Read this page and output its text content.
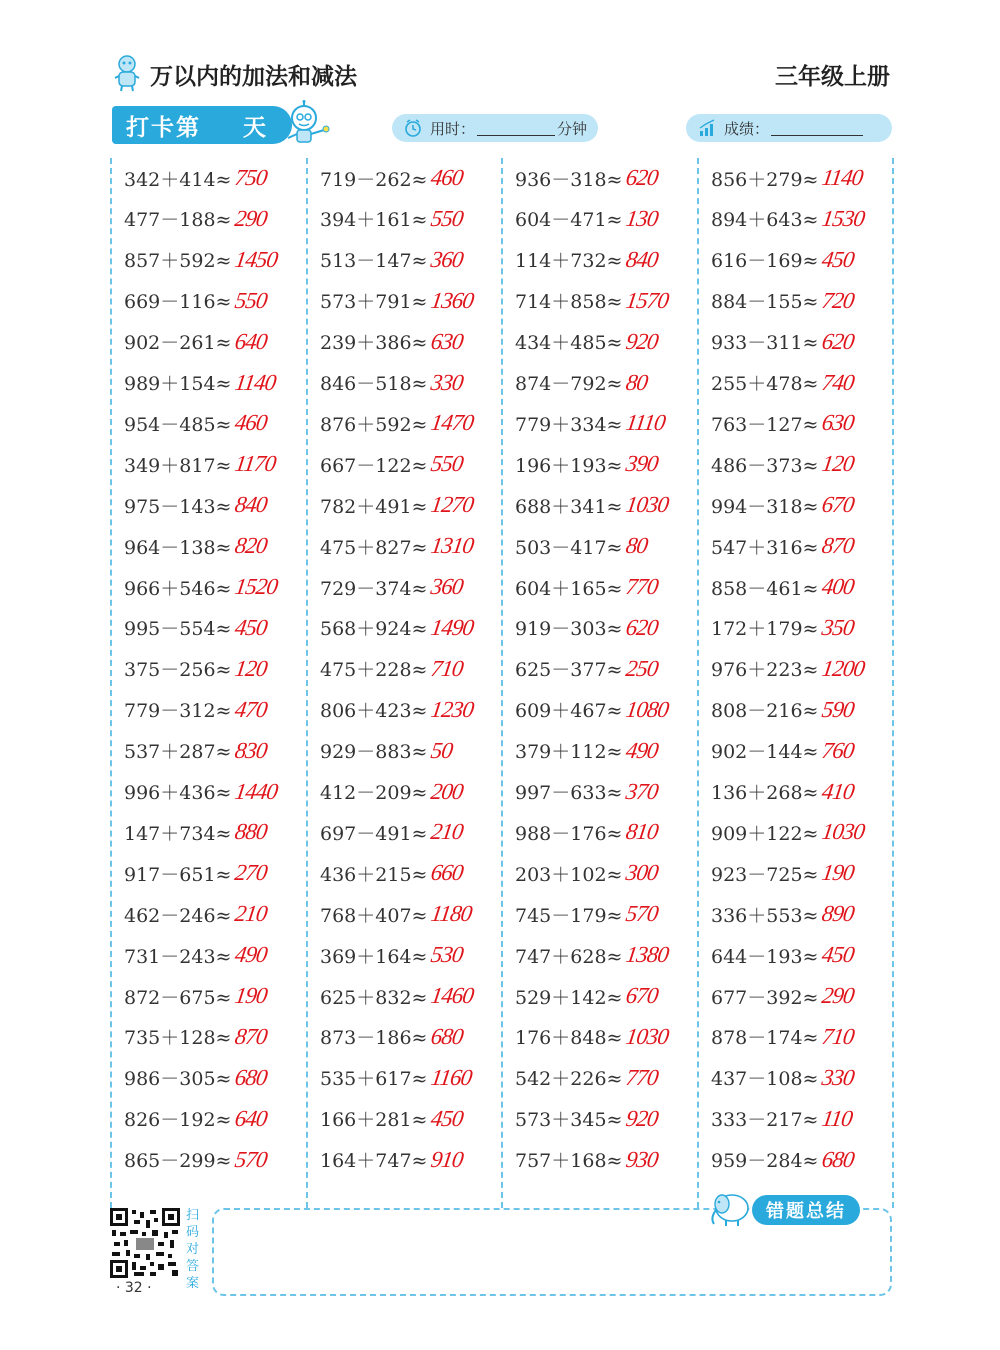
万以内的加法和减法	三年级上册
打卡第 天	用时：	分钟	成绩：
342＋414≈ 750
477－188≈ 290
857＋592≈ 1450
669－116≈ 550
902－261≈ 640
989＋154≈ 1140
954－485≈ 460
349＋817≈ 1170
975－143≈ 840
964－138≈ 820
966＋546≈ 1520
995－554≈ 450
375－256≈ 120
779－312≈ 470
537＋287≈ 830
996＋436≈ 1440
147＋734≈ 880
917－651≈ 270
462－246≈ 210
731－243≈ 490
872－675≈ 190
735＋128≈ 870
986－305≈ 680
826－192≈ 640
865－299≈ 570
719－262≈ 460
394＋161≈ 550
513－147≈ 360
573＋791≈ 1360
239＋386≈ 630
846－518≈ 330
876＋592≈ 1470
667－122≈ 550
782＋491≈ 1270
475＋827≈ 1310
729－374≈ 360
568＋924≈ 1490
475＋228≈ 710
806＋423≈ 1230
929－883≈ 50
412－209≈ 200
697－491≈ 210
436＋215≈ 660
768＋407≈ 1180
369＋164≈ 530
625＋832≈ 1460
873－186≈ 680
535＋617≈ 1160
166＋281≈ 450
164＋747≈ 910
936－318≈ 620
604－471≈ 130
114＋732≈ 840
714＋858≈ 1570
434＋485≈ 920
874－792≈ 80
779＋334≈ 1110
196＋193≈ 390
688＋341≈ 1030
503－417≈ 80
604＋165≈ 770
919－303≈ 620
625－377≈ 250
609＋467≈ 1080
379＋112≈ 490
997－633≈ 370
988－176≈ 810
203＋102≈ 300
745－179≈ 570
747＋628≈ 1380
529＋142≈ 670
176＋848≈ 1030
542＋226≈ 770
573＋345≈ 920
757＋168≈ 930
856＋279≈ 1140
894＋643≈ 1530
616－169≈ 450
884－155≈ 720
933－311≈ 620
255＋478≈ 740
763－127≈ 630
486－373≈ 120
994－318≈ 670
547＋316≈ 870
858－461≈ 400
172＋179≈ 350
976＋223≈ 1200
808－216≈ 590
902－144≈ 760
136＋268≈ 410
909＋122≈ 1030
923－725≈ 190
336＋553≈ 890
644－193≈ 450
677－392≈ 290
878－174≈ 710
437－108≈ 330
333－217≈ 110
959－284≈ 680
扫码对答案
· 32 ·
错题总结
